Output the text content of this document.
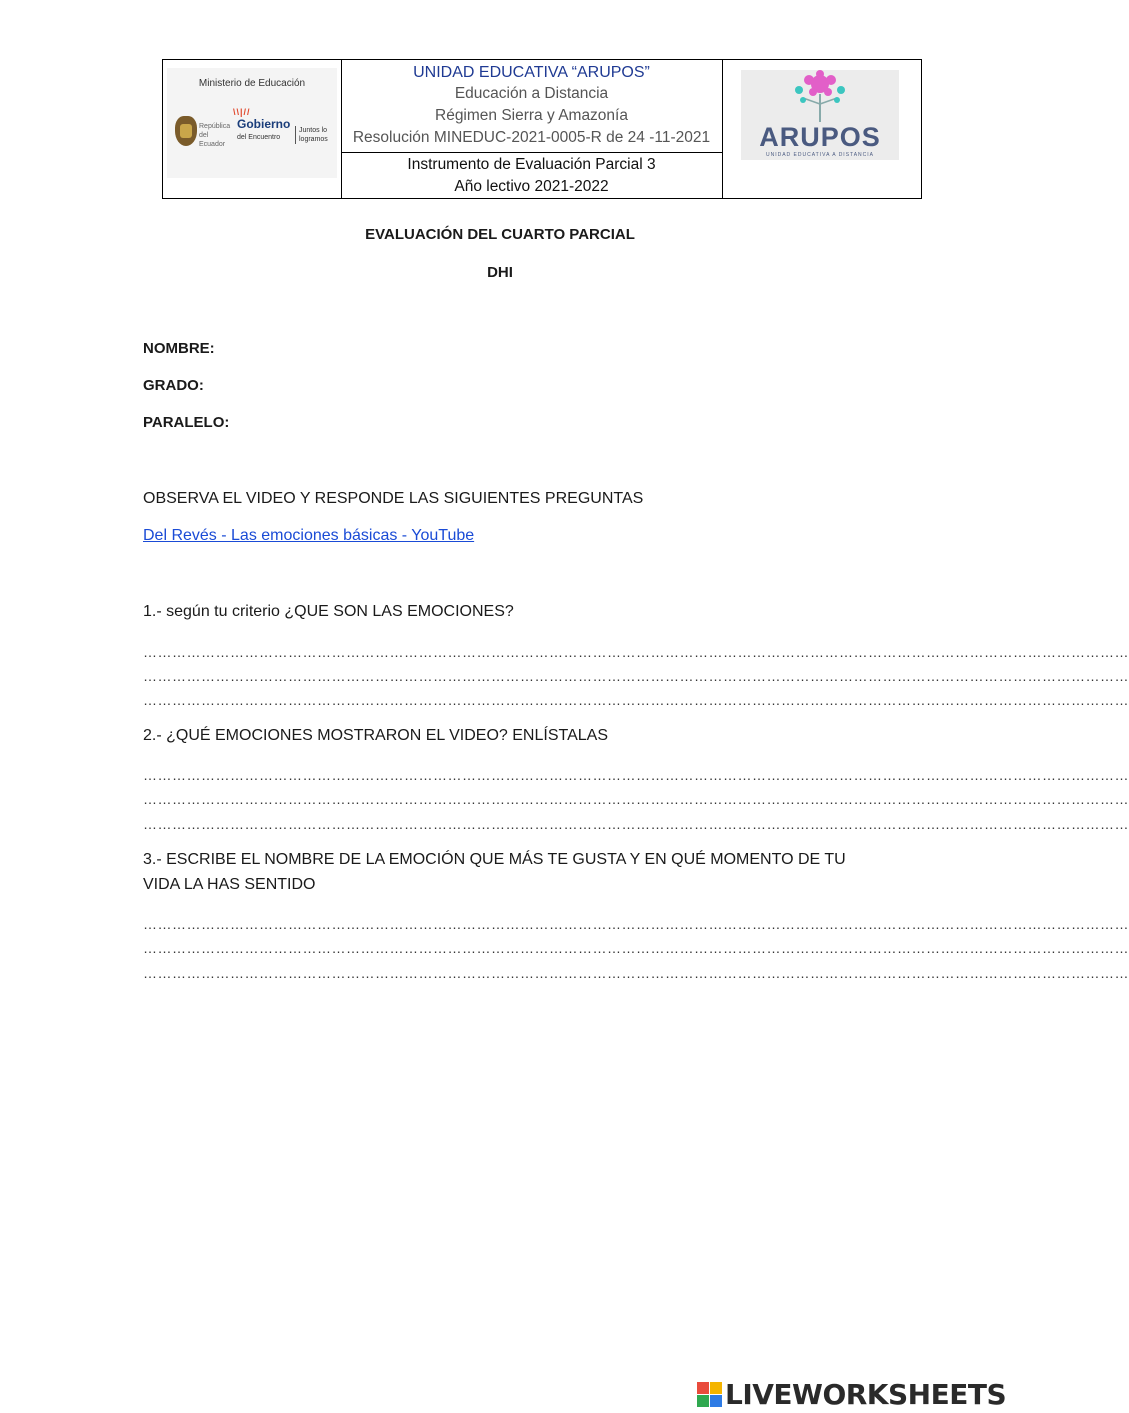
Ministerio de Educación
República del Ecuador
\\|//
Gobierno
del Encuentro
Juntos lo logramos
UNIDAD EDUCATIVA “ARUPOS”
Educación a Distancia
Régimen Sierra y Amazonía
Resolución MINEDUC-2021-0005-R de 24 -11-2021
Instrumento de Evaluación Parcial 3
Año lectivo 2021-2022
ARUPOS
UNIDAD EDUCATIVA A DISTANCIA
EVALUACIÓN DEL CUARTO PARCIAL
DHI
NOMBRE:
GRADO:
PARALELO:
OBSERVA EL VIDEO Y RESPONDE LAS SIGUIENTES PREGUNTAS
Del Revés - Las emociones básicas - YouTube
1.- según tu criterio ¿QUE SON LAS EMOCIONES?
……………………………………………………………………………………………………………………………………………………………………………………
……………………………………………………………………………………………………………………………………………………………………………………
……………………………………………………………………………………………………………………………………………………………………………………
2.- ¿QUÉ EMOCIONES MOSTRARON EL VIDEO? ENLÍSTALAS
……………………………………………………………………………………………………………………………………………………………………………………
……………………………………………………………………………………………………………………………………………………………………………………
……………………………………………………………………………………………………………………………………………………………………………………
3.- ESCRIBE EL NOMBRE DE LA EMOCIÓN QUE MÁS TE GUSTA Y EN QUÉ MOMENTO DE TU
VIDA LA HAS SENTIDO
……………………………………………………………………………………………………………………………………………………………………………………
……………………………………………………………………………………………………………………………………………………………………………………
……………………………………………………………………………………………………………………………………………………………………………………
LIVEWORKSHEETS
